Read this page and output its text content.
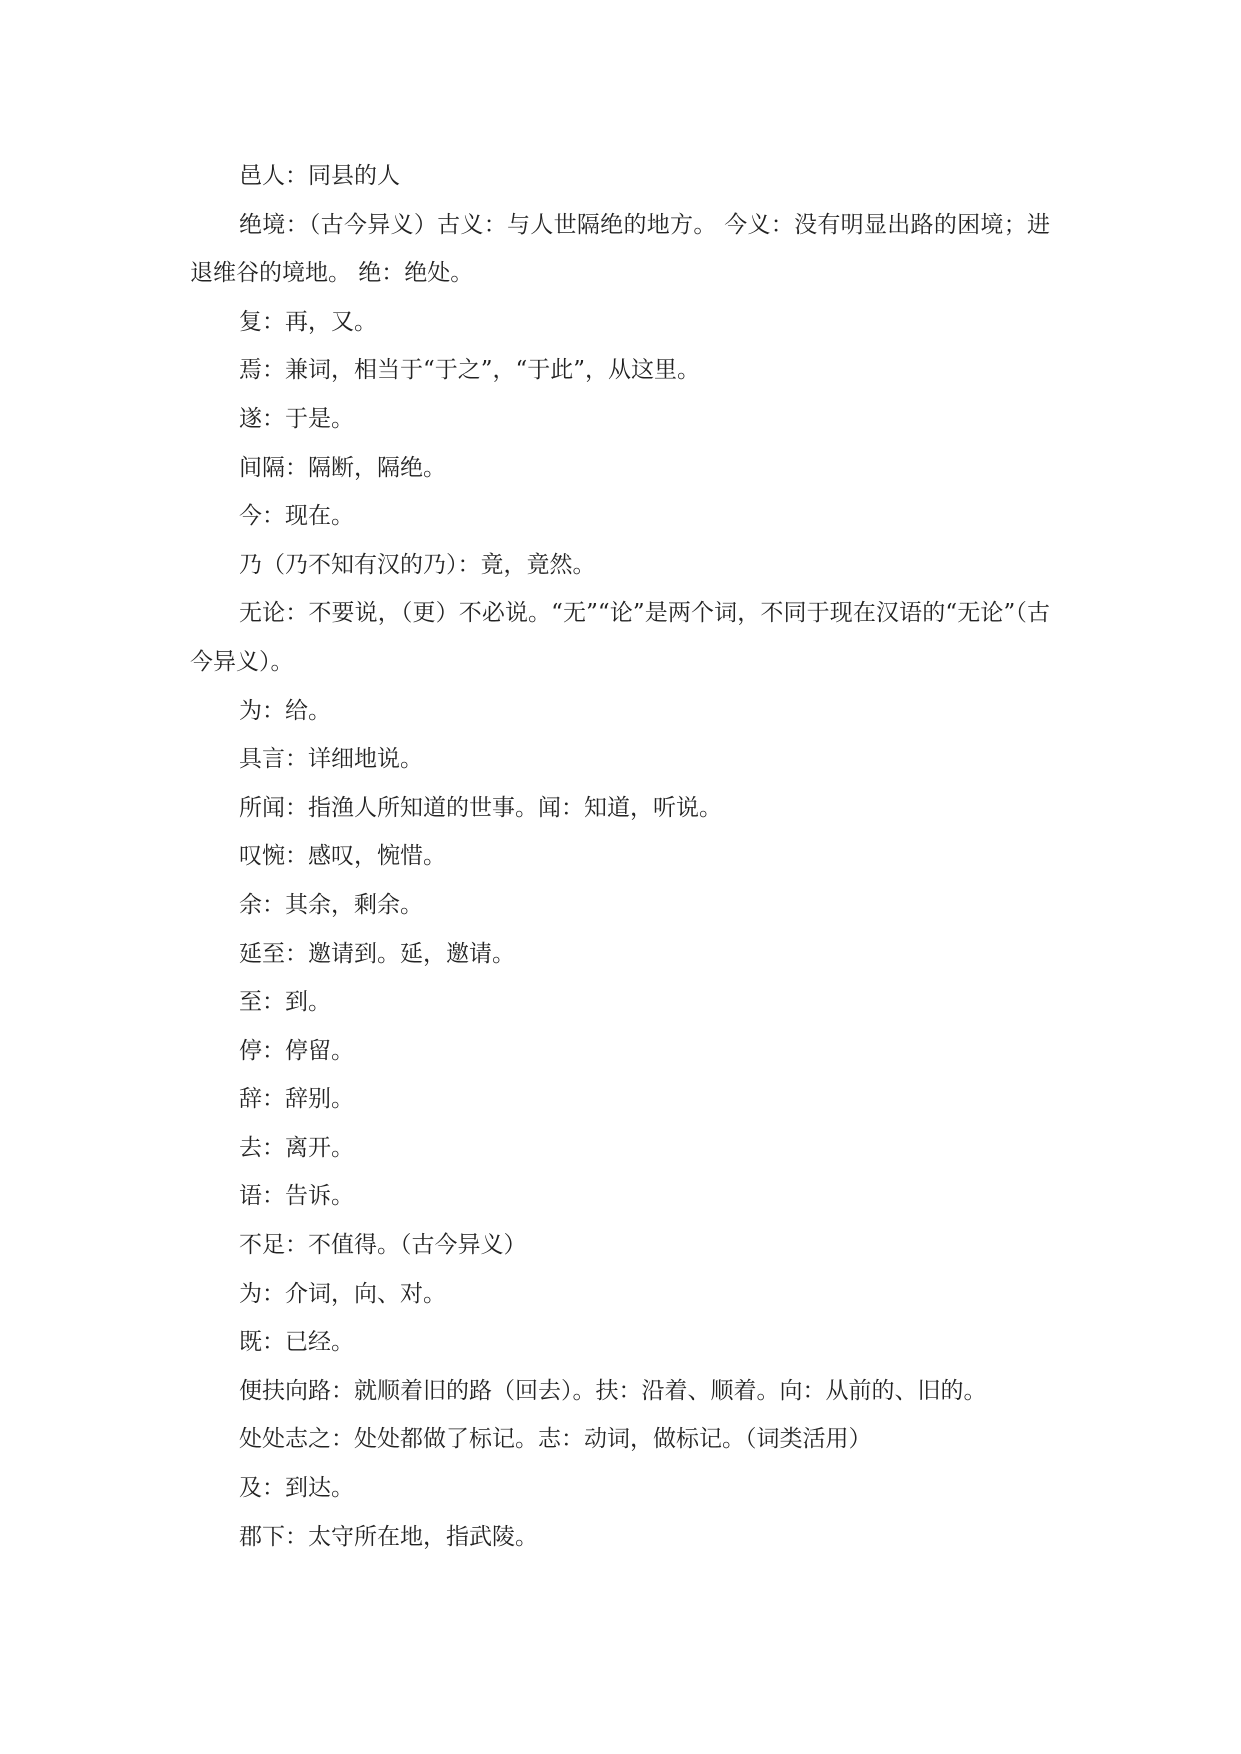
邑人：同县的人

绝境：（古今异义）古义：与人世隔绝的地方。 今义：没有明显出路的困境；进退维谷的境地。 绝：绝处。

复：再，又。

焉：兼词，相当于“于之”，“于此”，从这里。

遂：于是。

间隔：隔断，隔绝。

今：现在。

乃（乃不知有汉的乃）：竟，竟然。

无论：不要说，（更）不必说。“无”“论”是两个词，不同于现在汉语的“无论”（古今异义）。

为：给。

具言：详细地说。

所闻：指渔人所知道的世事。闻：知道，听说。

叹惋：感叹，惋惜。

余：其余，剩余。

延至：邀请到。延，邀请。

至：到。

停：停留。

辞：辞别。

去：离开。

语：告诉。

不足：不值得。（古今异义）

为：介词，向、对。

既：已经。

便扶向路：就顺着旧的路（回去）。扶：沿着、顺着。向：从前的、旧的。

处处志之：处处都做了标记。志：动词，做标记。（词类活用）

及：到达。

郡下：太守所在地，指武陵。
